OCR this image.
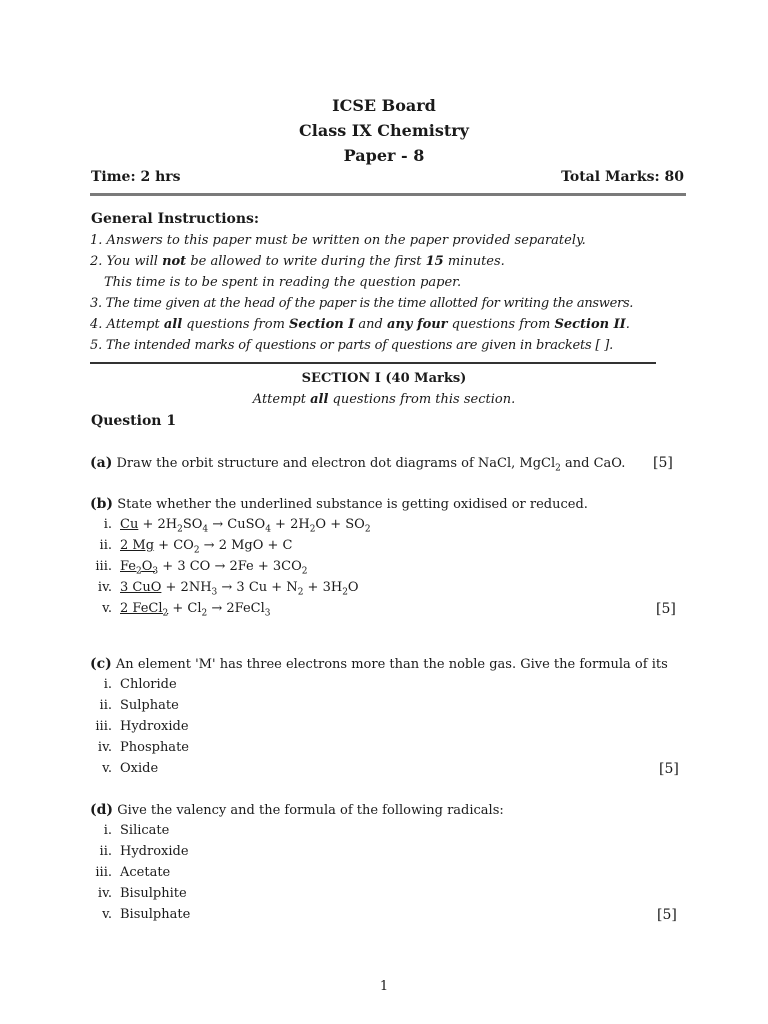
ICSE Board
Class IX Chemistry
Paper - 8
Time: 2 hrs	Total Marks: 80
General Instructions:
1. Answers to this paper must be written on the paper provided separately.
2. You will not be allowed to write during the first 15 minutes.
This time is to be spent in reading the question paper.
3. The time given at the head of the paper is the time allotted for writing the answers.
4. Attempt all questions from Section I and any four questions from Section II.
5. The intended marks of questions or parts of questions are given in brackets [ ].
SECTION I (40 Marks)
Attempt all questions from this section.
Question 1
(a) Draw the orbit structure and electron dot diagrams of NaCl, MgCl$_2$ and CaO. [5]
(b) State whether the underlined substance is getting oxidised or reduced.
i. $Cu + 2H_2SO_4$ → CuSO$_4$ + $2H_2O + SO_2$
ii. 2 $Mg + CO_2 \to 2$ MgO + C
iii. $Fe_2O_3 + 3$ CO → $2Fe + 3CO_2$
iv. 3 CuO + $2NH_3 \to 3$ $Cu + N_2 + 3H_2O$
v. 2 FeCl$_2$ + $Cl_2$ → 2FeCl$_3$	[5]
(c) An element 'M' has three electrons more than the noble gas. Give the formula of its
i. Chloride
ii. Sulphate
iii. Hydroxide
iv. Phosphate
v. Oxide	[5]
(d) Give the valency and the formula of the following radicals:
i. Silicate
ii. Hydroxide
iii. Acetate
iv. Bisulphite
v. Bisulphate	[5]
1
